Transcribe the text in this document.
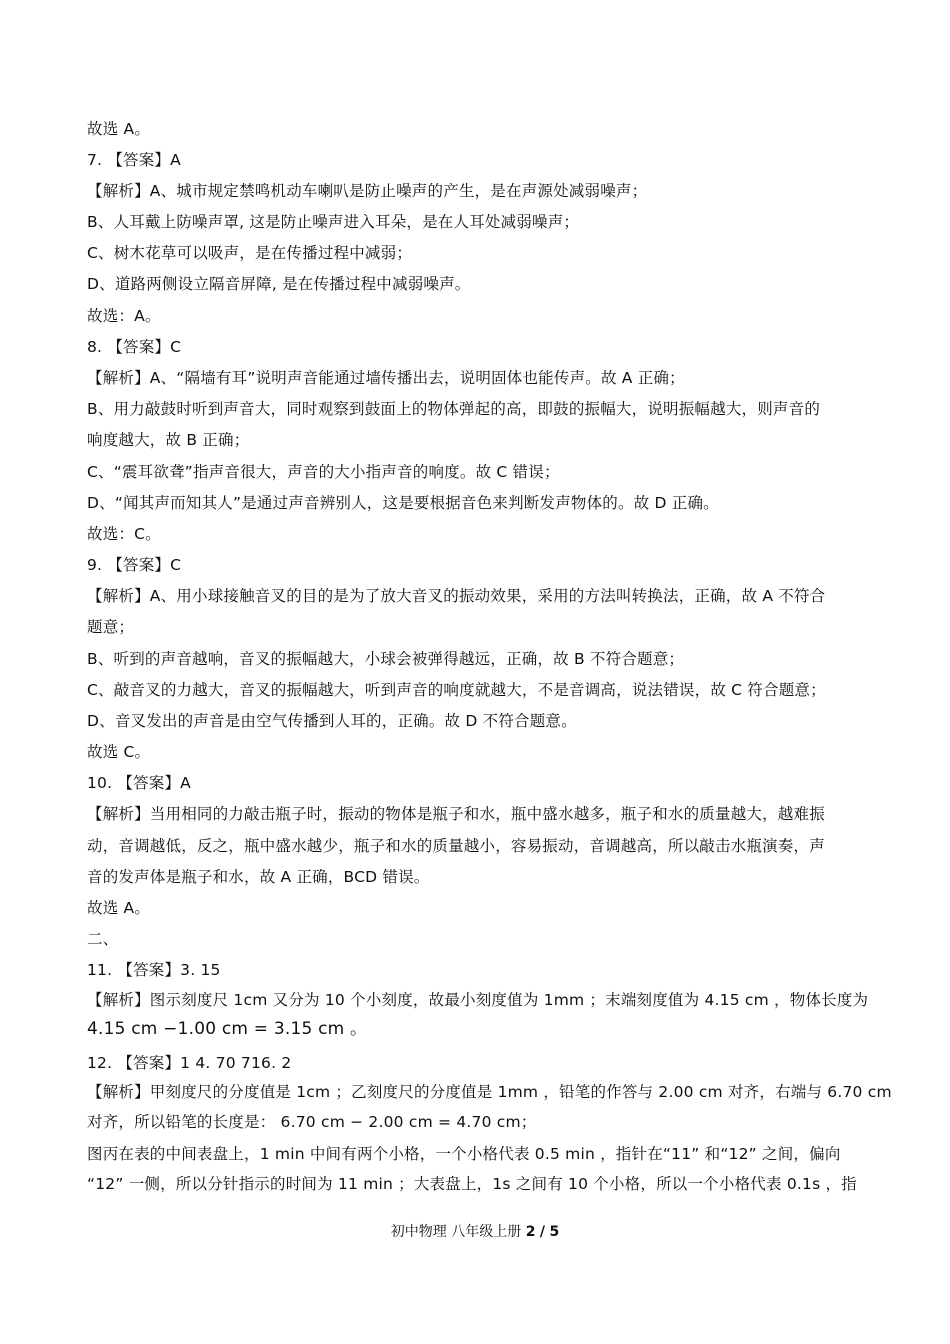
故选 A。
7. 【答案】A
【解析】A、城市规定禁鸣机动车喇叭是防止噪声的产生，是在声源处减弱噪声；
B、人耳戴上防噪声罩, 这是防止噪声进入耳朵，是在人耳处减弱噪声；
C、树木花草可以吸声，是在传播过程中减弱；
D、道路两侧设立隔音屏障, 是在传播过程中减弱噪声。
故选：A。
8. 【答案】C
【解析】A、“隔墙有耳”说明声音能通过墙传播出去，说明固体也能传声。故 A 正确；
B、用力敲鼓时听到声音大，同时观察到鼓面上的物体弹起的高，即鼓的振幅大，说明振幅越大，则声音的
响度越大，故 B 正确；
C、“震耳欲聋”指声音很大，声音的大小指声音的响度。故 C 错误；
D、“闻其声而知其人”是通过声音辨别人，这是要根据音色来判断发声物体的。故 D 正确。
故选：C。
9. 【答案】C
【解析】A、用小球接触音叉的目的是为了放大音叉的振动效果，采用的方法叫转换法，正确，故 A 不符合
题意；
B、听到的声音越响，音叉的振幅越大，小球会被弹得越远，正确，故 B 不符合题意；
C、敲音叉的力越大，音叉的振幅越大，听到声音的响度就越大，不是音调高，说法错误，故 C 符合题意；
D、音叉发出的声音是由空气传播到人耳的，正确。故 D 不符合题意。
故选 C。
10. 【答案】A
【解析】当用相同的力敲击瓶子时，振动的物体是瓶子和水，瓶中盛水越多，瓶子和水的质量越大，越难振
动，音调越低，反之，瓶中盛水越少，瓶子和水的质量越小，容易振动，音调越高，所以敲击水瓶演奏，声
音的发声体是瓶子和水，故 A 正确，BCD 错误。
故选 A。
二、
11. 【答案】3. 15
【解析】图示刻度尺 1cm 又分为 10 个小刻度，故最小刻度值为 1mm ；末端刻度值为 4.15 cm ，物体长度为
4.15 cm −1.00 cm = 3.15 cm 。
12. 【答案】1 4. 70 716. 2
【解析】甲刻度尺的分度值是 1cm ；乙刻度尺的分度值是 1mm ，铅笔的作答与 2.00 cm 对齐，右端与 6.70 cm
对齐，所以铅笔的长度是： 6.70 cm − 2.00 cm = 4.70 cm；
图丙在表的中间表盘上，1 min 中间有两个小格，一个小格代表 0.5 min ，指针在“11” 和“12” 之间，偏向
“12” 一侧，所以分针指示的时间为 11 min ；大表盘上，1s 之间有 10 个小格，所以一个小格代表 0.1s ，指
初中物理 八年级上册 2 / 5
